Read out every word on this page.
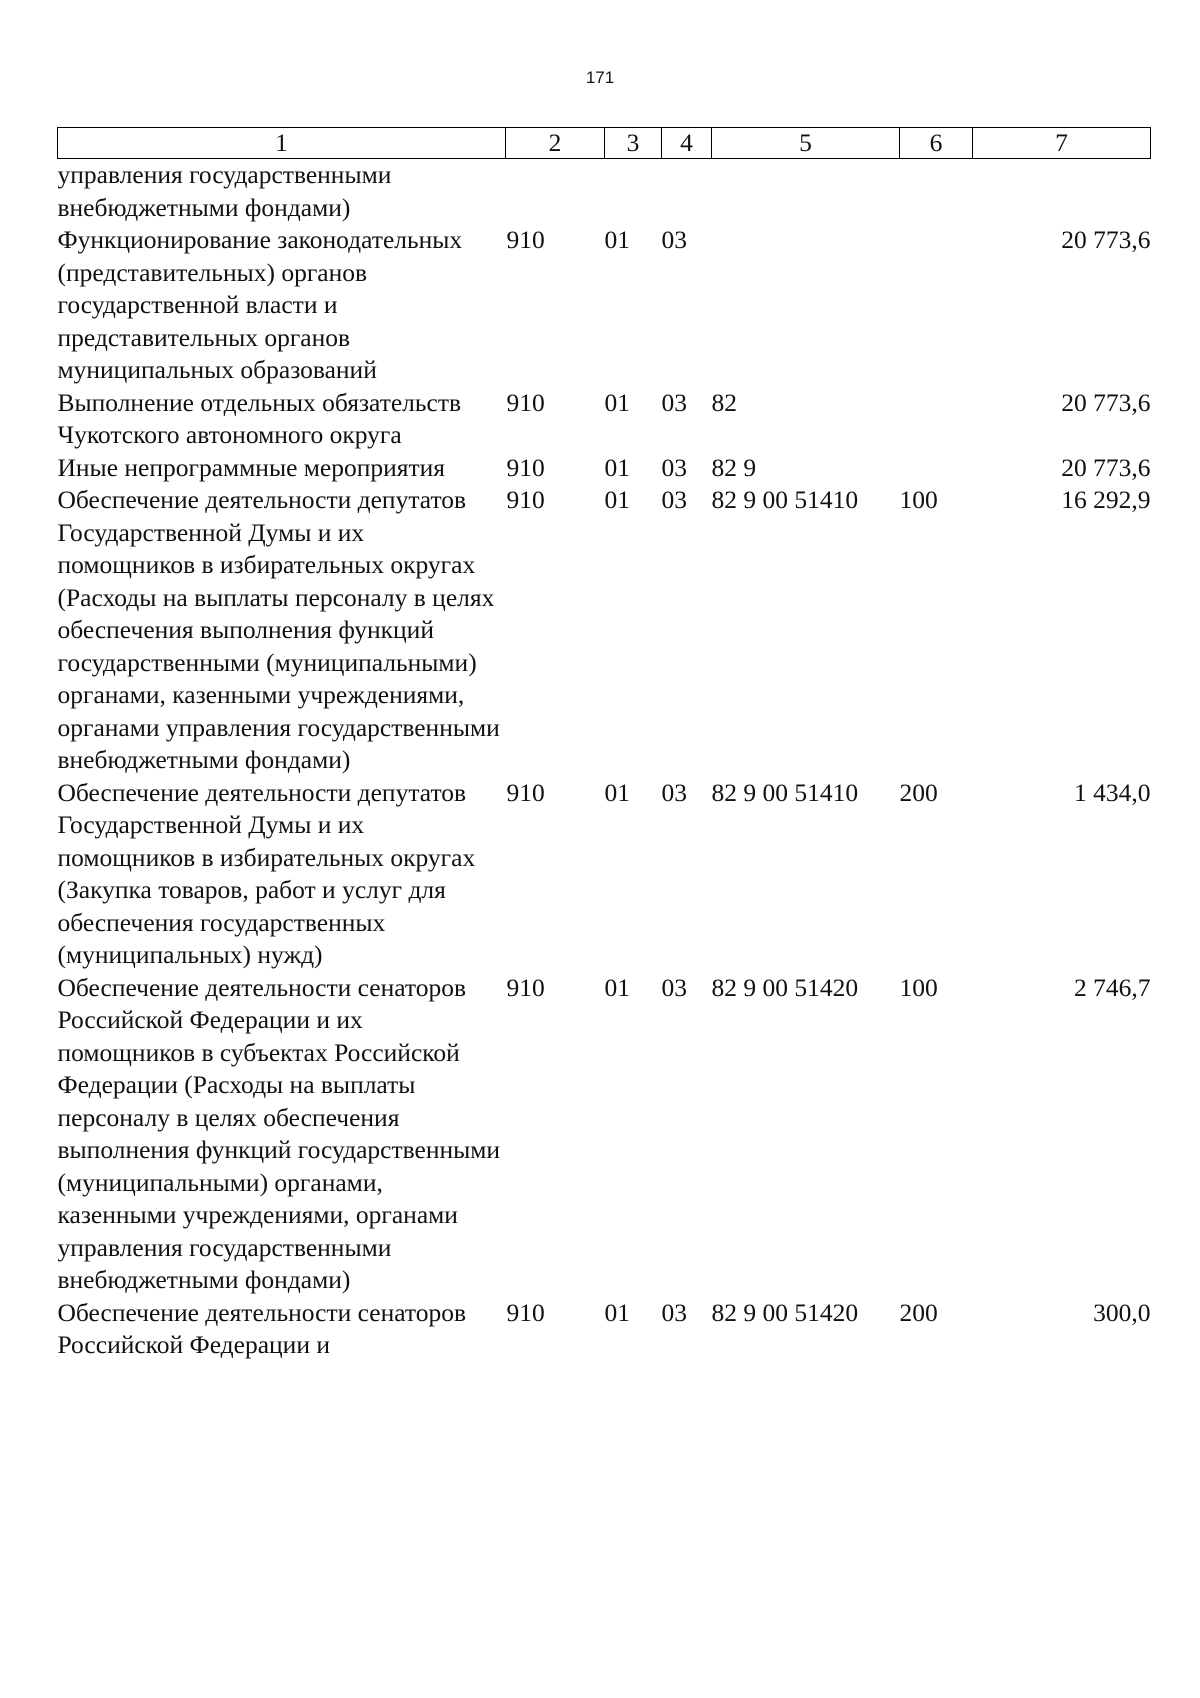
171
1	2	3	4	5	6	7
управления государственными внебюджетными фондами)						
Функционирование законодательных (представительных) органов государственной власти и представительных органов муниципальных образований	910	01	03			20 773,6
Выполнение отдельных обязательств Чукотского автономного округа	910	01	03	82		20 773,6
Иные непрограммные мероприятия	910	01	03	82 9		20 773,6
Обеспечение деятельности депутатов Государственной Думы и их помощников в избирательных округах (Расходы на выплаты персоналу в целях обеспечения выполнения функций государственными (муниципальными) органами, казенными учреждениями, органами управления государственными внебюджетными фондами)	910	01	03	82 9 00 51410	100	16 292,9
Обеспечение деятельности депутатов Государственной Думы и их помощников в избирательных округах (Закупка товаров, работ и услуг для обеспечения государственных (муниципальных) нужд)	910	01	03	82 9 00 51410	200	1 434,0
Обеспечение деятельности сенаторов Российской Федерации и их помощников в субъектах Российской Федерации (Расходы на выплаты персоналу в целях обеспечения выполнения функций государственными (муниципальными) органами, казенными учреждениями, органами управления государственными внебюджетными фондами)	910	01	03	82 9 00 51420	100	2 746,7
Обеспечение деятельности сенаторов Российской Федерации и	910	01	03	82 9 00 51420	200	300,0
